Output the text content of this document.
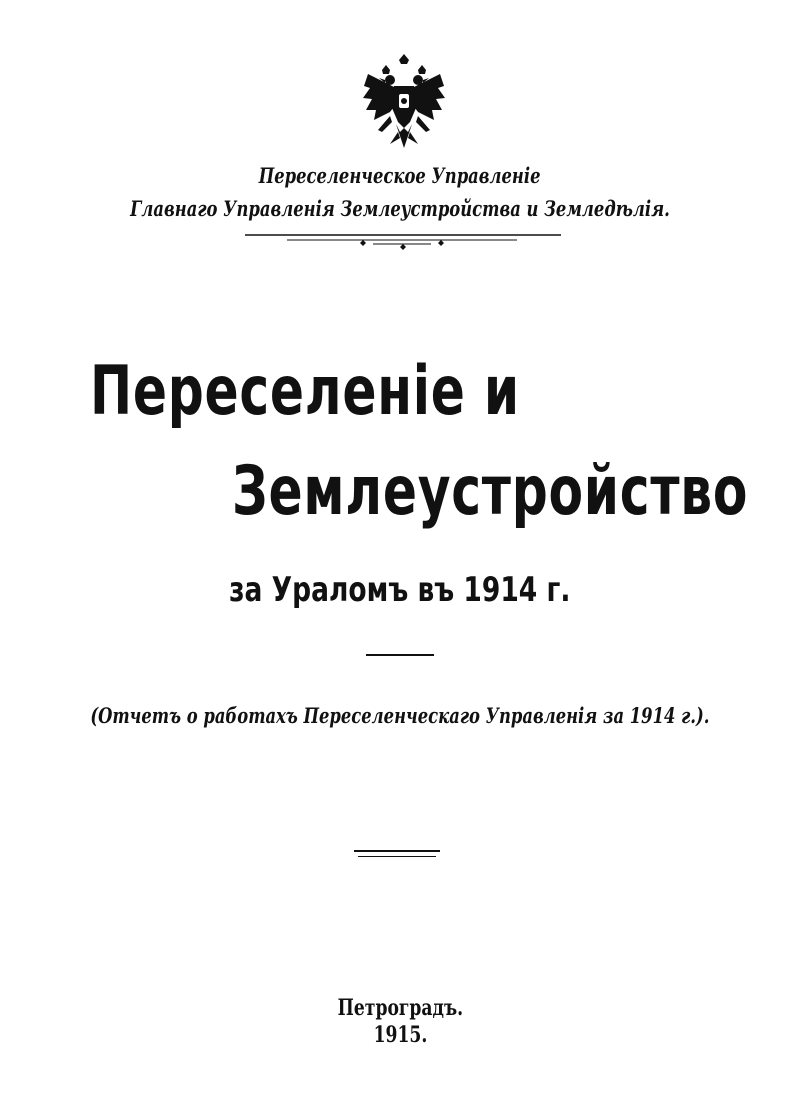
Переселенческое Управленіе
Главнаго Управленія Землеустройства и Земледѣлія.
Переселеніе и
Землеустройство
за Ураломъ въ 1914 г.
(Отчетъ о работахъ Переселенческаго Управленія за 1914 г.).
Петроградъ.
1915.
